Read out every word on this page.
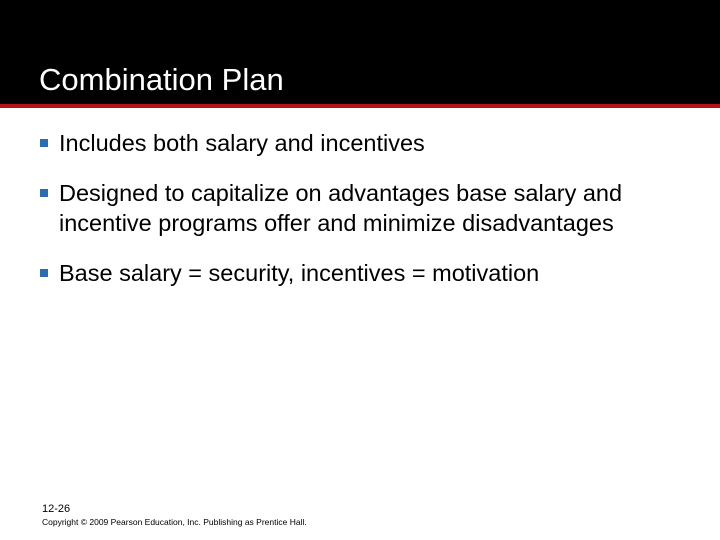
Combination Plan
Includes both salary and incentives
Designed to capitalize on advantages base salary and incentive programs offer and minimize disadvantages
Base salary = security, incentives = motivation
12-26
Copyright © 2009 Pearson Education, Inc. Publishing as Prentice Hall.
